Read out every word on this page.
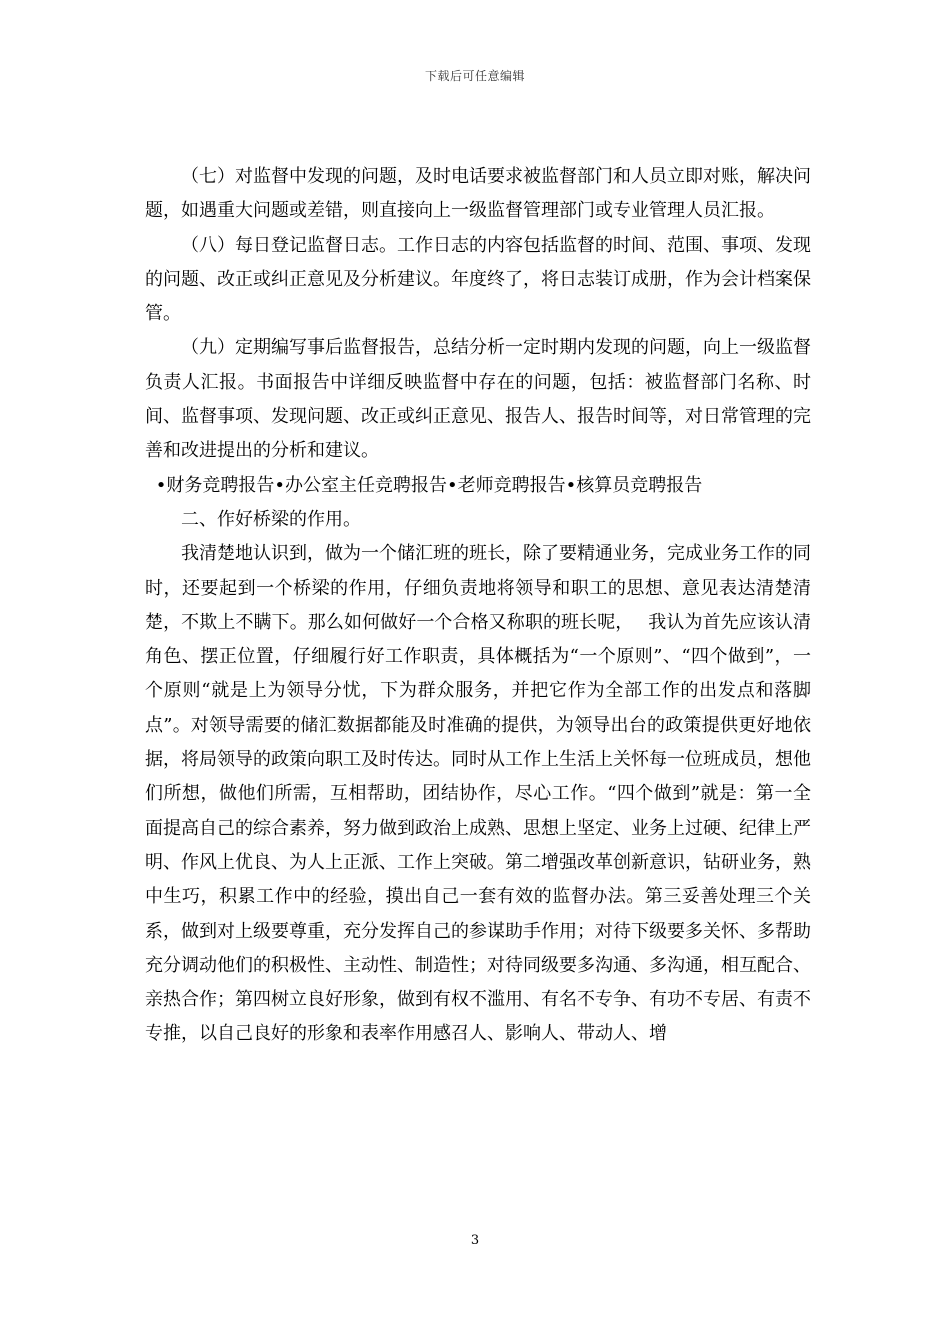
下载后可任意编辑

（七）对监督中发现的问题，及时电话要求被监督部门和人员立即对账，解决问题，如遇重大问题或差错，则直接向上一级监督管理部门或专业管理人员汇报。

（八）每日登记监督日志。工作日志的内容包括监督的时间、范围、事项、发现的问题、改正或纠正意见及分析建议。年度终了，将日志装订成册，作为会计档案保管。

（九）定期编写事后监督报告，总结分析一定时期内发现的问题，向上一级监督负责人汇报。书面报告中详细反映监督中存在的问题，包括：被监督部门名称、时间、监督事项、发现问题、改正或纠正意见、报告人、报告时间等，对日常管理的完善和改进提出的分析和建议。

•财务竞聘报告•办公室主任竞聘报告•老师竞聘报告•核算员竞聘报告

二、作好桥梁的作用。

我清楚地认识到，做为一个储汇班的班长，除了要精通业务，完成业务工作的同时，还要起到一个桥梁的作用，仔细负责地将领导和职工的思想、意见表达清楚清楚，不欺上不瞒下。那么如何做好一个合格又称职的班长呢，　 我认为首先应该认清角色、摆正位置，仔细履行好工作职责，具体概括为“一个原则”、“四个做到”，一个原则“就是上为领导分忧，下为群众服务，并把它作为全部工作的出发点和落脚点”。对领导需要的储汇数据都能及时准确的提供，为领导出台的政策提供更好地依据，将局领导的政策向职工及时传达。同时从工作上生活上关怀每一位班成员，想他们所想，做他们所需，互相帮助，团结协作，尽心工作。“四个做到”就是：第一全面提高自己的综合素养，努力做到政治上成熟、思想上坚定、业务上过硬、纪律上严明、作风上优良、为人上正派、工作上突破。第二增强改革创新意识，钻研业务，熟中生巧，积累工作中的经验，摸出自己一套有效的监督办法。第三妥善处理三个关系，做到对上级要尊重，充分发挥自己的参谋助手作用；对待下级要多关怀、多帮助充分调动他们的积极性、主动性、制造性；对待同级要多沟通、多沟通，相互配合、亲热合作；第四树立良好形象，做到有权不滥用、有名不专争、有功不专居、有责不专推，以自己良好的形象和表率作用感召人、影响人、带动人、增

3
